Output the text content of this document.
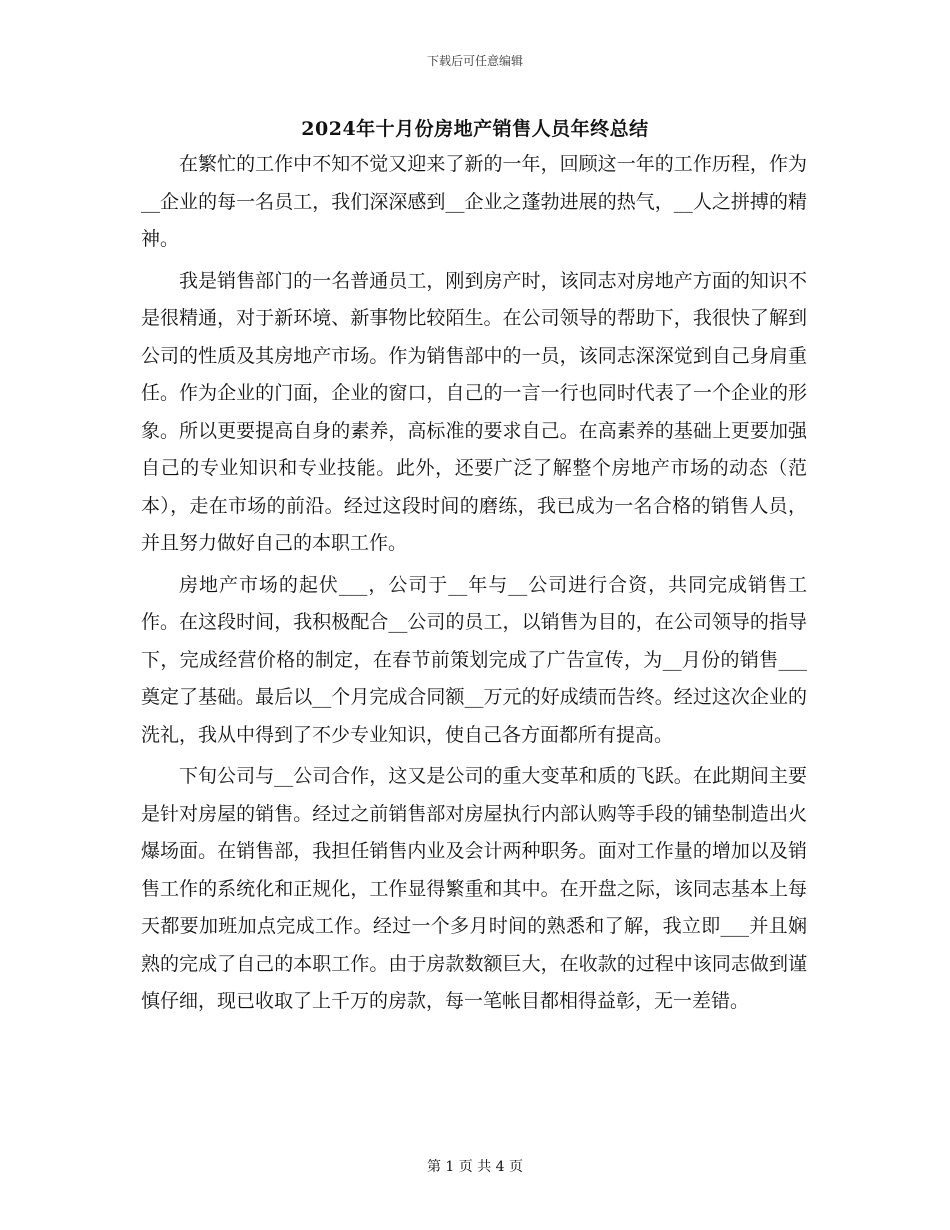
下载后可任意编辑
2024年十月份房地产销售人员年终总结

在繁忙的工作中不知不觉又迎来了新的一年，回顾这一年的工作历程，作为__企业的每一名员工，我们深深感到__企业之蓬勃进展的热气，__人之拼搏的精神。

我是销售部门的一名普通员工，刚到房产时，该同志对房地产方面的知识不是很精通，对于新环境、新事物比较陌生。在公司领导的帮助下，我很快了解到公司的性质及其房地产市场。作为销售部中的一员，该同志深深觉到自己身肩重任。作为企业的门面，企业的窗口，自己的一言一行也同时代表了一个企业的形象。所以更要提高自身的素养，高标准的要求自己。在高素养的基础上更要加强自己的专业知识和专业技能。此外，还要广泛了解整个房地产市场的动态（范本），走在市场的前沿。经过这段时间的磨练，我已成为一名合格的销售人员，并且努力做好自己的本职工作。

房地产市场的起伏___，公司于__年与__公司进行合资，共同完成销售工作。在这段时间，我积极配合__公司的员工，以销售为目的，在公司领导的指导下，完成经营价格的制定，在春节前策划完成了广告宣传，为__月份的销售___奠定了基础。最后以__个月完成合同额__万元的好成绩而告终。经过这次企业的洗礼，我从中得到了不少专业知识，使自己各方面都所有提高。

下旬公司与__公司合作，这又是公司的重大变革和质的飞跃。在此期间主要是针对房屋的销售。经过之前销售部对房屋执行内部认购等手段的铺垫制造出火爆场面。在销售部，我担任销售内业及会计两种职务。面对工作量的增加以及销售工作的系统化和正规化，工作显得繁重和其中。在开盘之际，该同志基本上每天都要加班加点完成工作。经过一个多月时间的熟悉和了解，我立即___并且娴熟的完成了自己的本职工作。由于房款数额巨大，在收款的过程中该同志做到谨慎仔细，现已收取了上千万的房款，每一笔帐目都相得益彰，无一差错。

第 1 页 共 4 页
